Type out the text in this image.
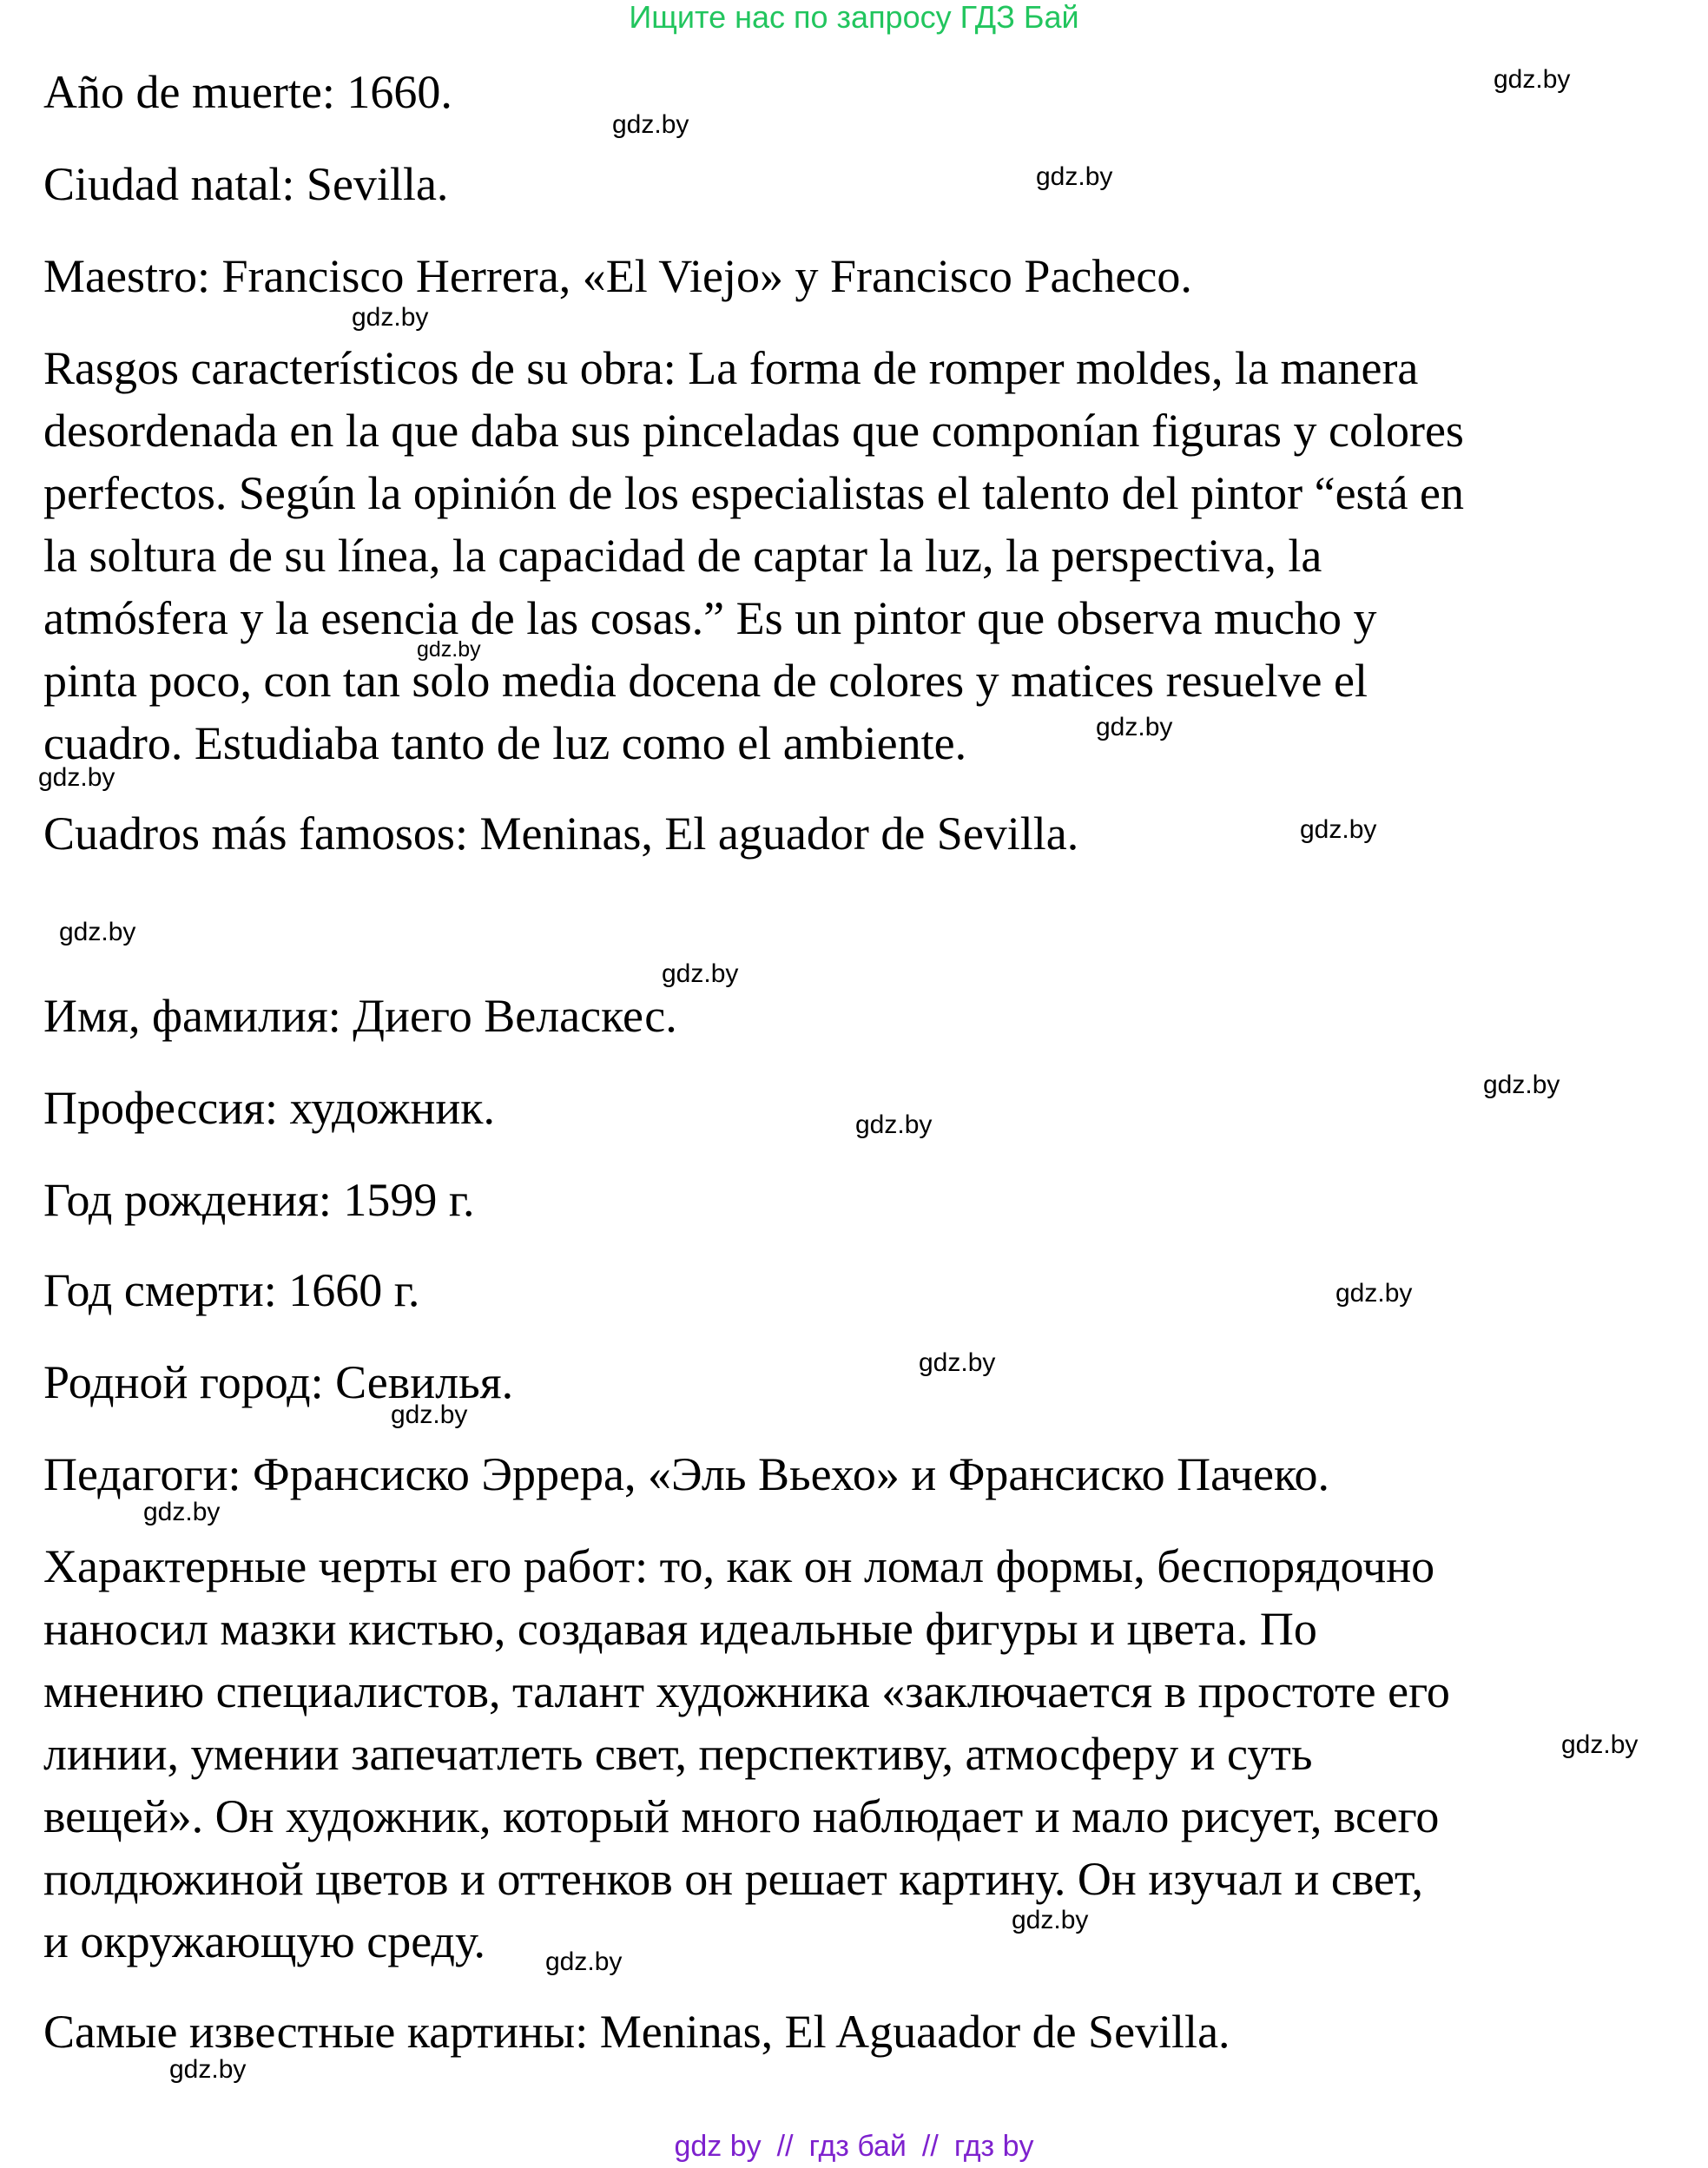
Ищите нас по запросу ГДЗ Бай

Año de muerte: 1660.

Ciudad natal: Sevilla.

Maestro: Francisco Herrera, «El Viejo» y Francisco Pacheco.

Rasgos característicos de su obra: La forma de romper moldes, la manera
desordenada en la que daba sus pinceladas que componían figuras y colores
perfectos. Según la opinión de los especialistas el talento del pintor “está en
la soltura de su línea, la capacidad de captar la luz, la perspectiva, la
atmósfera y la esencia de las cosas.” Es un pintor que observa mucho y
pinta poco, con tan solo media docena de colores y matices resuelve el
cuadro. Estudiaba tanto de luz como el ambiente.

Cuadros más famosos: Meninas, El aguador de Sevilla.

Имя, фамилия: Диего Веласкес.

Профессия: художник.

Год рождения: 1599 г.

Год смерти: 1660 г.

Родной город: Севилья.

Педагоги: Франсиско Эррера, «Эль Вьехо» и Франсиско Пачеко.

Характерные черты его работ: то, как он ломал формы, беспорядочно
наносил мазки кистью, создавая идеальные фигуры и цвета. По
мнению специалистов, талант художника «заключается в простоте его
линии, умении запечатлеть свет, перспективу, атмосферу и суть
вещей». Он художник, который много наблюдает и мало рисует, всего
полдюжиной цветов и оттенков он решает картину. Он изучал и свет,
и окружающую среду.

Самые известные картины: Meninas, El Aguaador de Sevilla.

gdz.by
gdz.by
gdz.by
gdz.by
gdz.by
gdz.by
gdz.by
gdz.by
gdz.by
gdz.by
gdz.by
gdz.by
gdz.by
gdz.by
gdz.by
gdz.by
gdz.by
gdz.by
gdz.by
gdz.by
gdz by // гдз бай // гдз by
